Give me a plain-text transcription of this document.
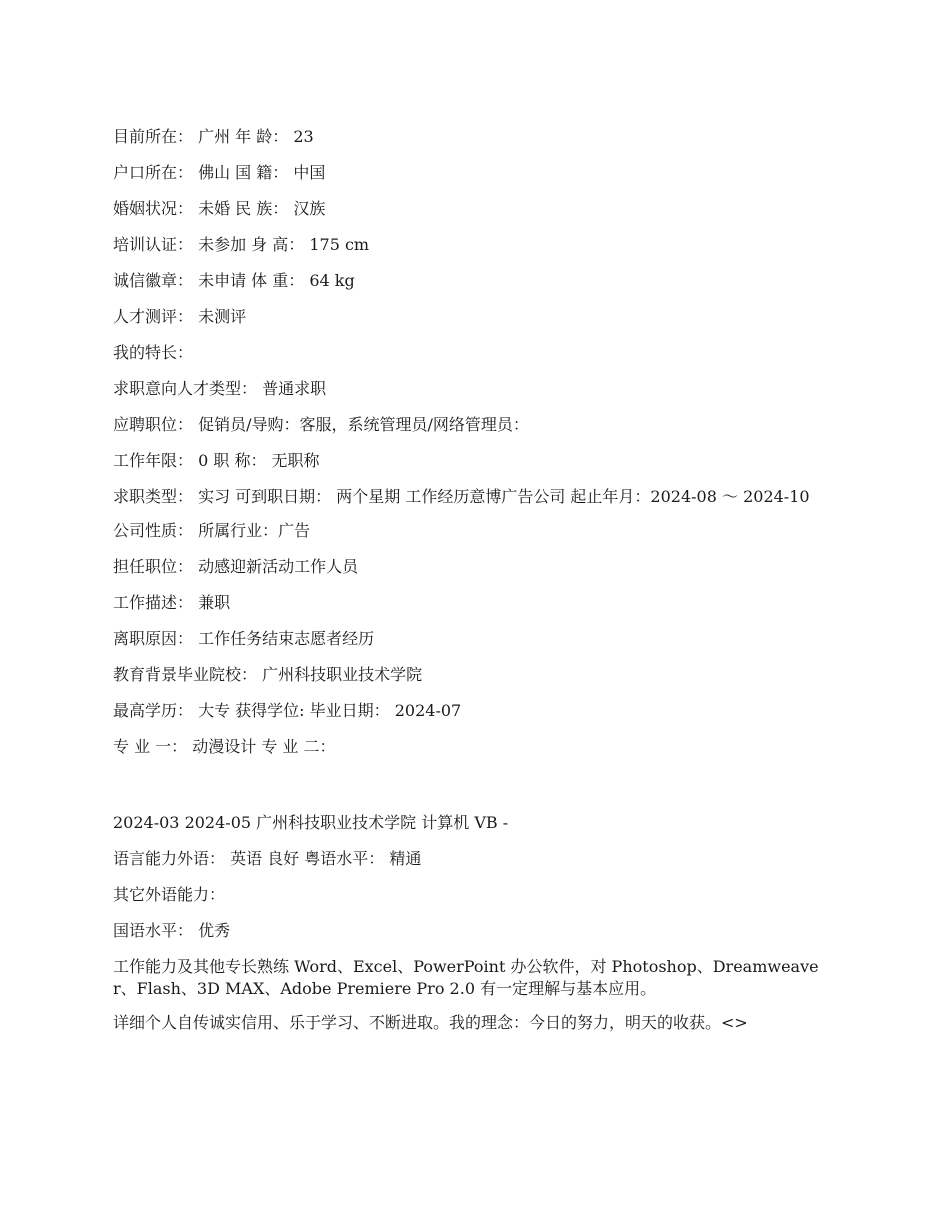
目前所在： 广州 年 龄： 23

户口所在： 佛山 国 籍： 中国

婚姻状况： 未婚 民 族： 汉族

培训认证： 未参加 身 高： 175 cm

诚信徽章： 未申请 体 重： 64 kg

人才测评： 未测评

我的特长：

求职意向人才类型： 普通求职

应聘职位： 促销员/导购：客服，系统管理员/网络管理员：

工作年限： 0 职 称： 无职称

求职类型： 实习 可到职日期： 两个星期 工作经历意博广告公司 起止年月：2024-08 ～ 2024-10

公司性质： 所属行业：广告

担任职位： 动感迎新活动工作人员

工作描述： 兼职

离职原因： 工作任务结束志愿者经历

教育背景毕业院校： 广州科技职业技术学院

最高学历： 大专 获得学位: 毕业日期： 2024-07

专 业 一： 动漫设计 专 业 二：

2024-03 2024-05 广州科技职业技术学院 计算机 VB -

语言能力外语： 英语 良好 粤语水平： 精通

其它外语能力：

国语水平： 优秀

工作能力及其他专长熟练 Word、Excel、PowerPoint 办公软件，对 Photoshop、Dreamweaver、Flash、3D MAX、Adobe Premiere Pro 2.0 有一定理解与基本应用。

详细个人自传诚实信用、乐于学习、不断进取。我的理念：今日的努力，明天的收获。<>
